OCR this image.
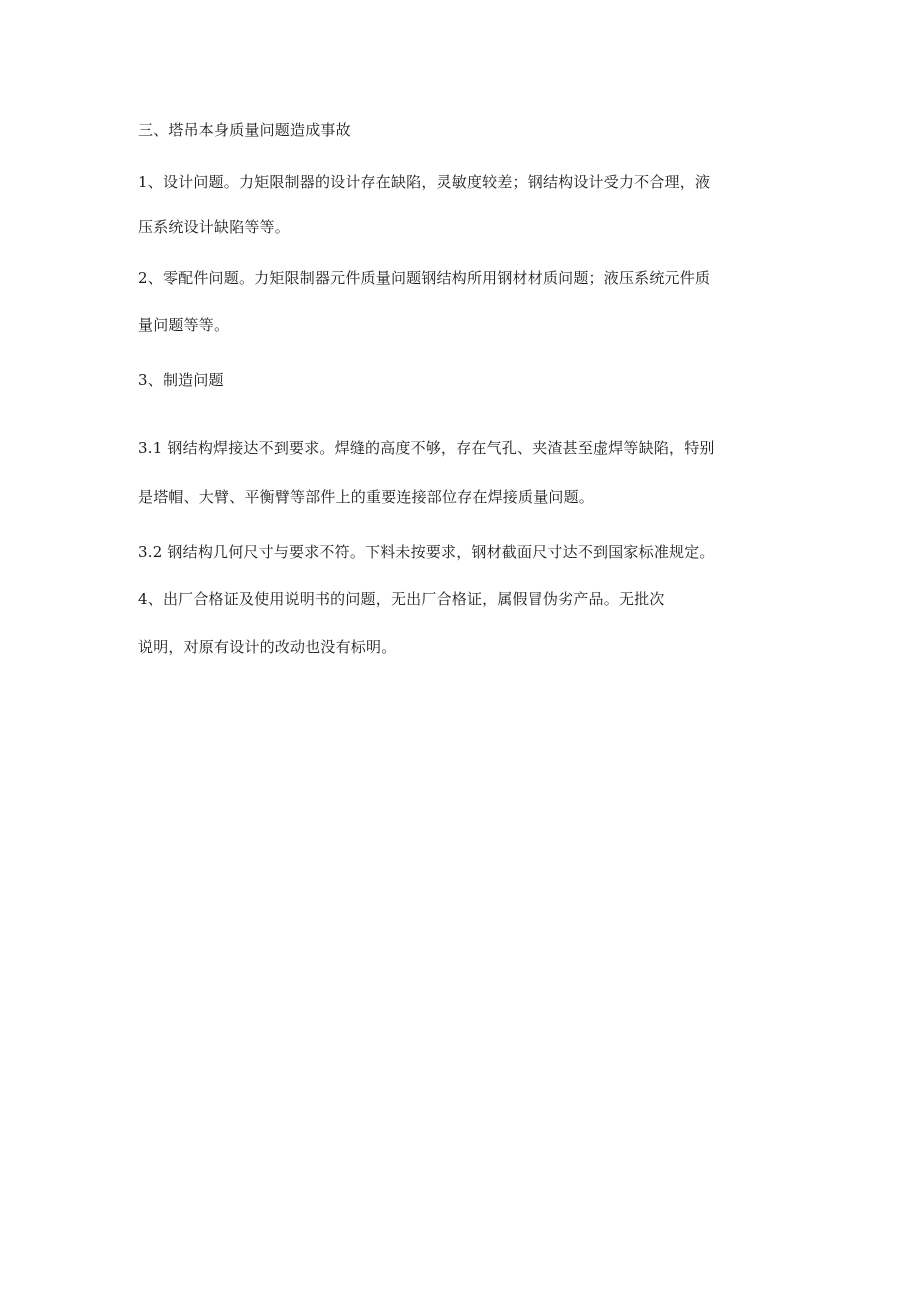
三、塔吊本身质量问题造成事故
1、设计问题。力矩限制器的设计存在缺陷，灵敏度较差；钢结构设计受力不合理，液
压系统设计缺陷等等。
2、零配件问题。力矩限制器元件质量问题钢结构所用钢材材质问题；液压系统元件质
量问题等等。
3、制造问题
3.1 钢结构焊接达不到要求。焊缝的高度不够，存在气孔、夹渣甚至虚焊等缺陷，特别
是塔帽、大臂、平衡臂等部件上的重要连接部位存在焊接质量问题。
3.2 钢结构几何尺寸与要求不符。下料未按要求，钢材截面尺寸达不到国家标准规定。
4、出厂合格证及使用说明书的问题，无出厂合格证，属假冒伪劣产品。无批次
说明，对原有设计的改动也没有标明。
